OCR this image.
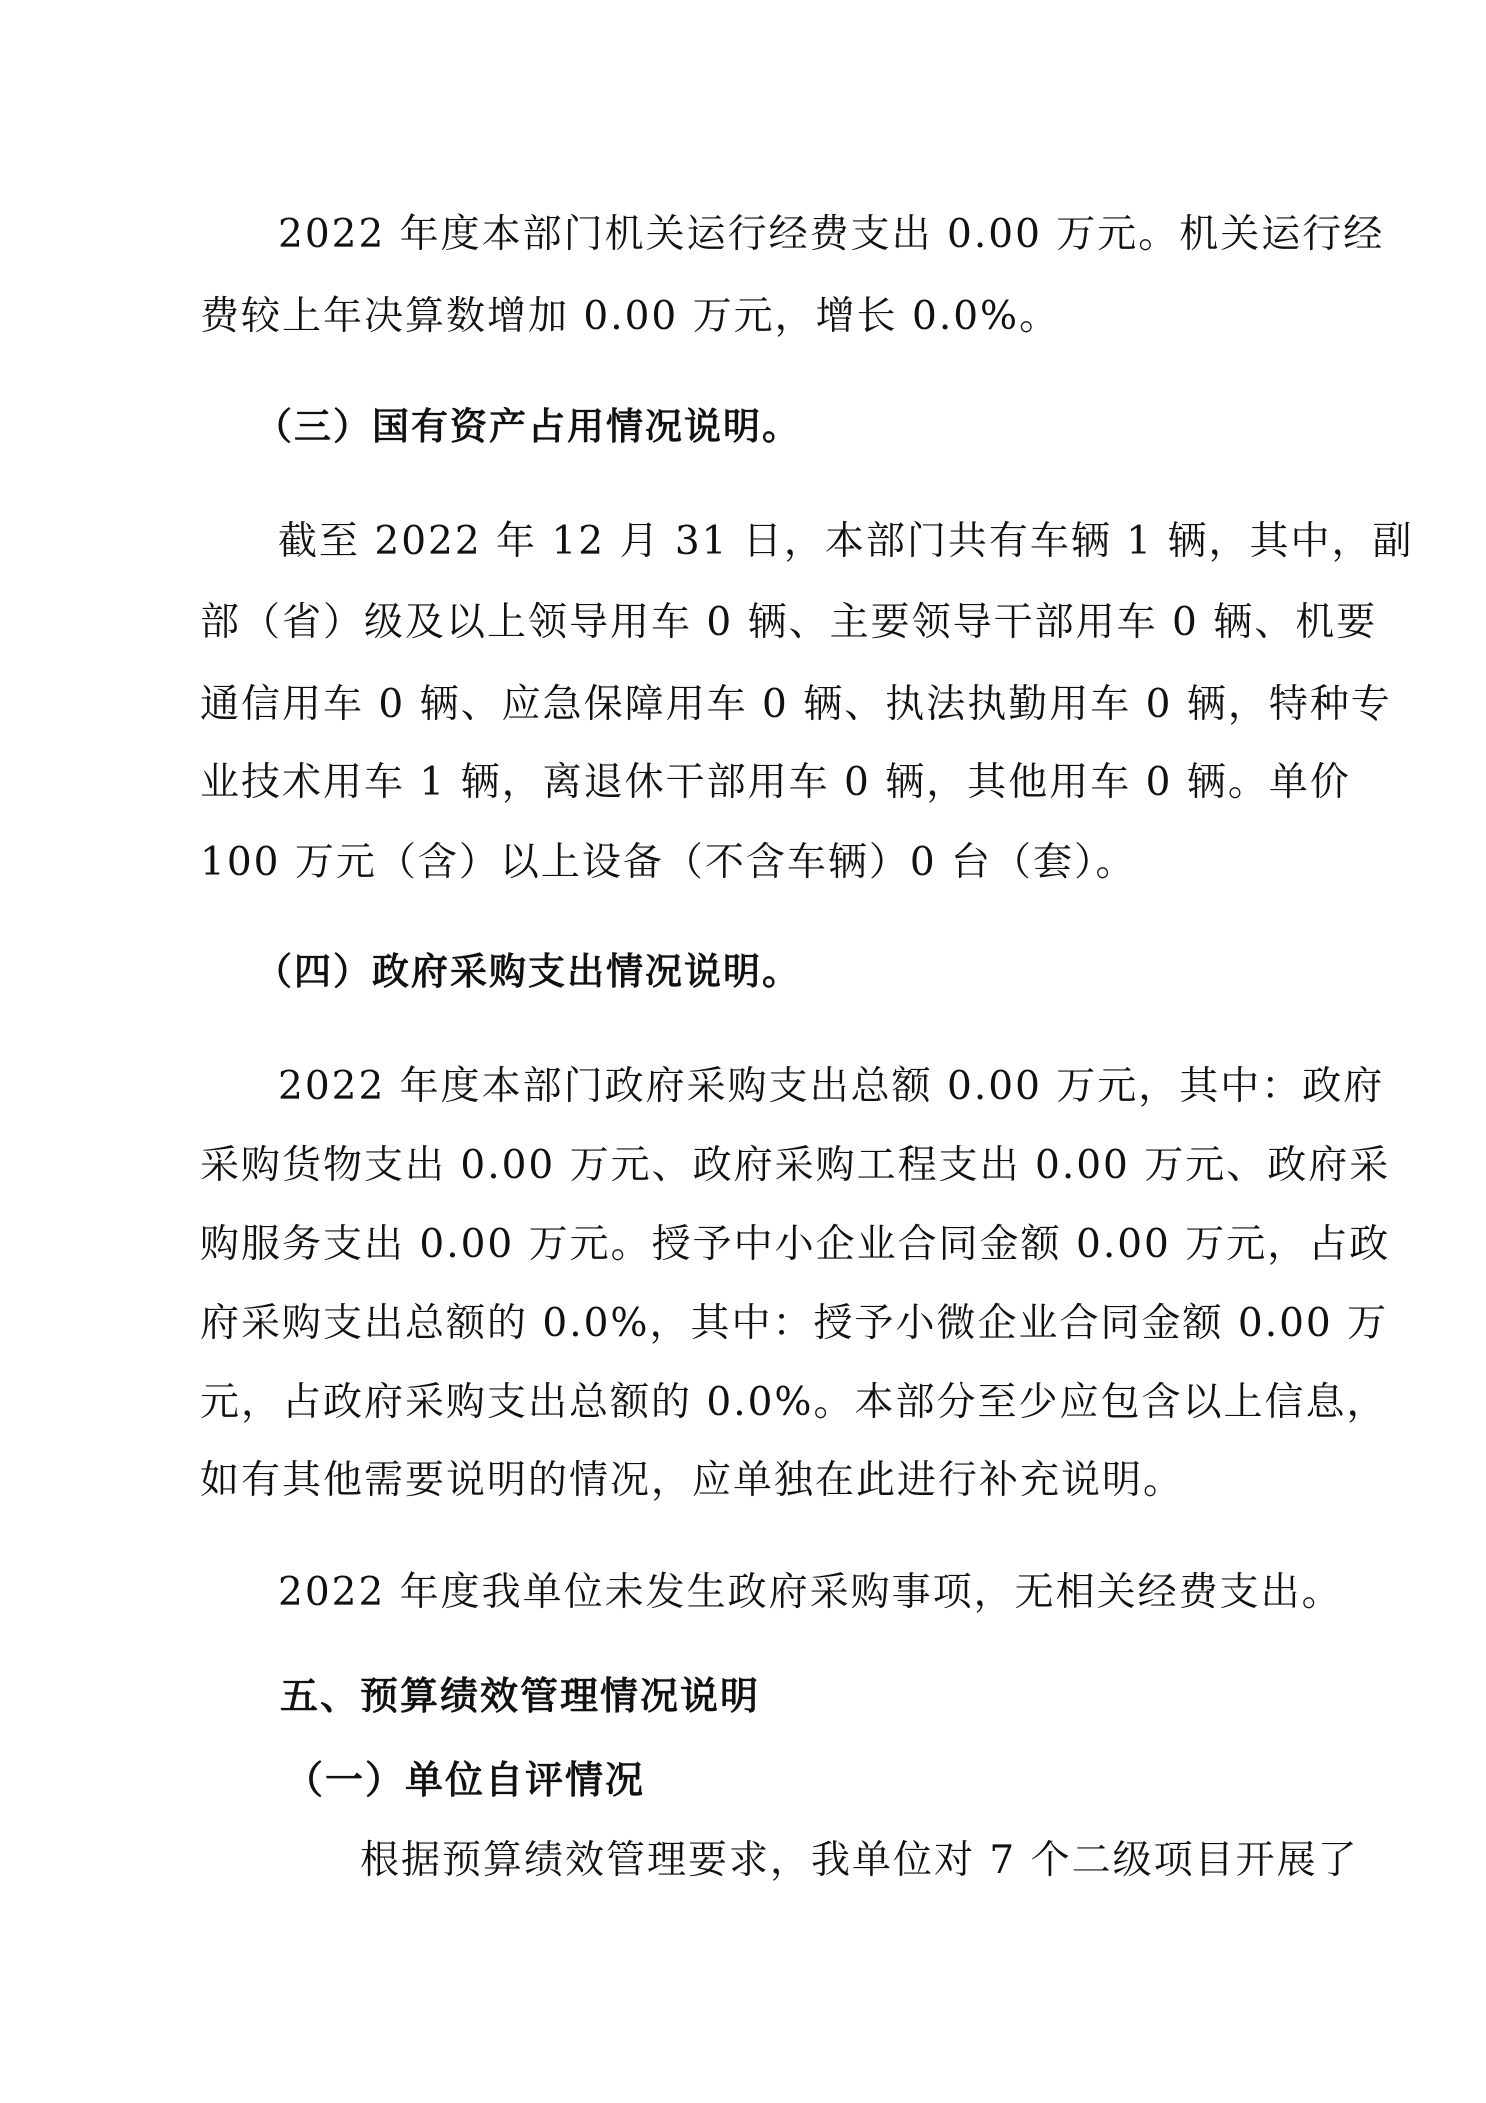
2022 年度本部门机关运行经费支出 0.00 万元。机关运行经
费较上年决算数增加 0.00 万元，增长 0.0%。
（三）国有资产占用情况说明。
截至 2022 年 12 月 31 日，本部门共有车辆 1 辆，其中，副
部（省）级及以上领导用车 0 辆、主要领导干部用车 0 辆、机要
通信用车 0 辆、应急保障用车 0 辆、执法执勤用车 0 辆，特种专
业技术用车 1 辆，离退休干部用车 0 辆，其他用车 0 辆。单价
100 万元（含）以上设备（不含车辆）0 台（套）。
（四）政府采购支出情况说明。
2022 年度本部门政府采购支出总额 0.00 万元，其中：政府
采购货物支出 0.00 万元、政府采购工程支出 0.00 万元、政府采
购服务支出 0.00 万元。授予中小企业合同金额 0.00 万元，占政
府采购支出总额的 0.0%，其中：授予小微企业合同金额 0.00 万
元，占政府采购支出总额的 0.0%。本部分至少应包含以上信息，
如有其他需要说明的情况，应单独在此进行补充说明。
2022 年度我单位未发生政府采购事项，无相关经费支出。
五、预算绩效管理情况说明
（一）单位自评情况
根据预算绩效管理要求，我单位对 7 个二级项目开展了
